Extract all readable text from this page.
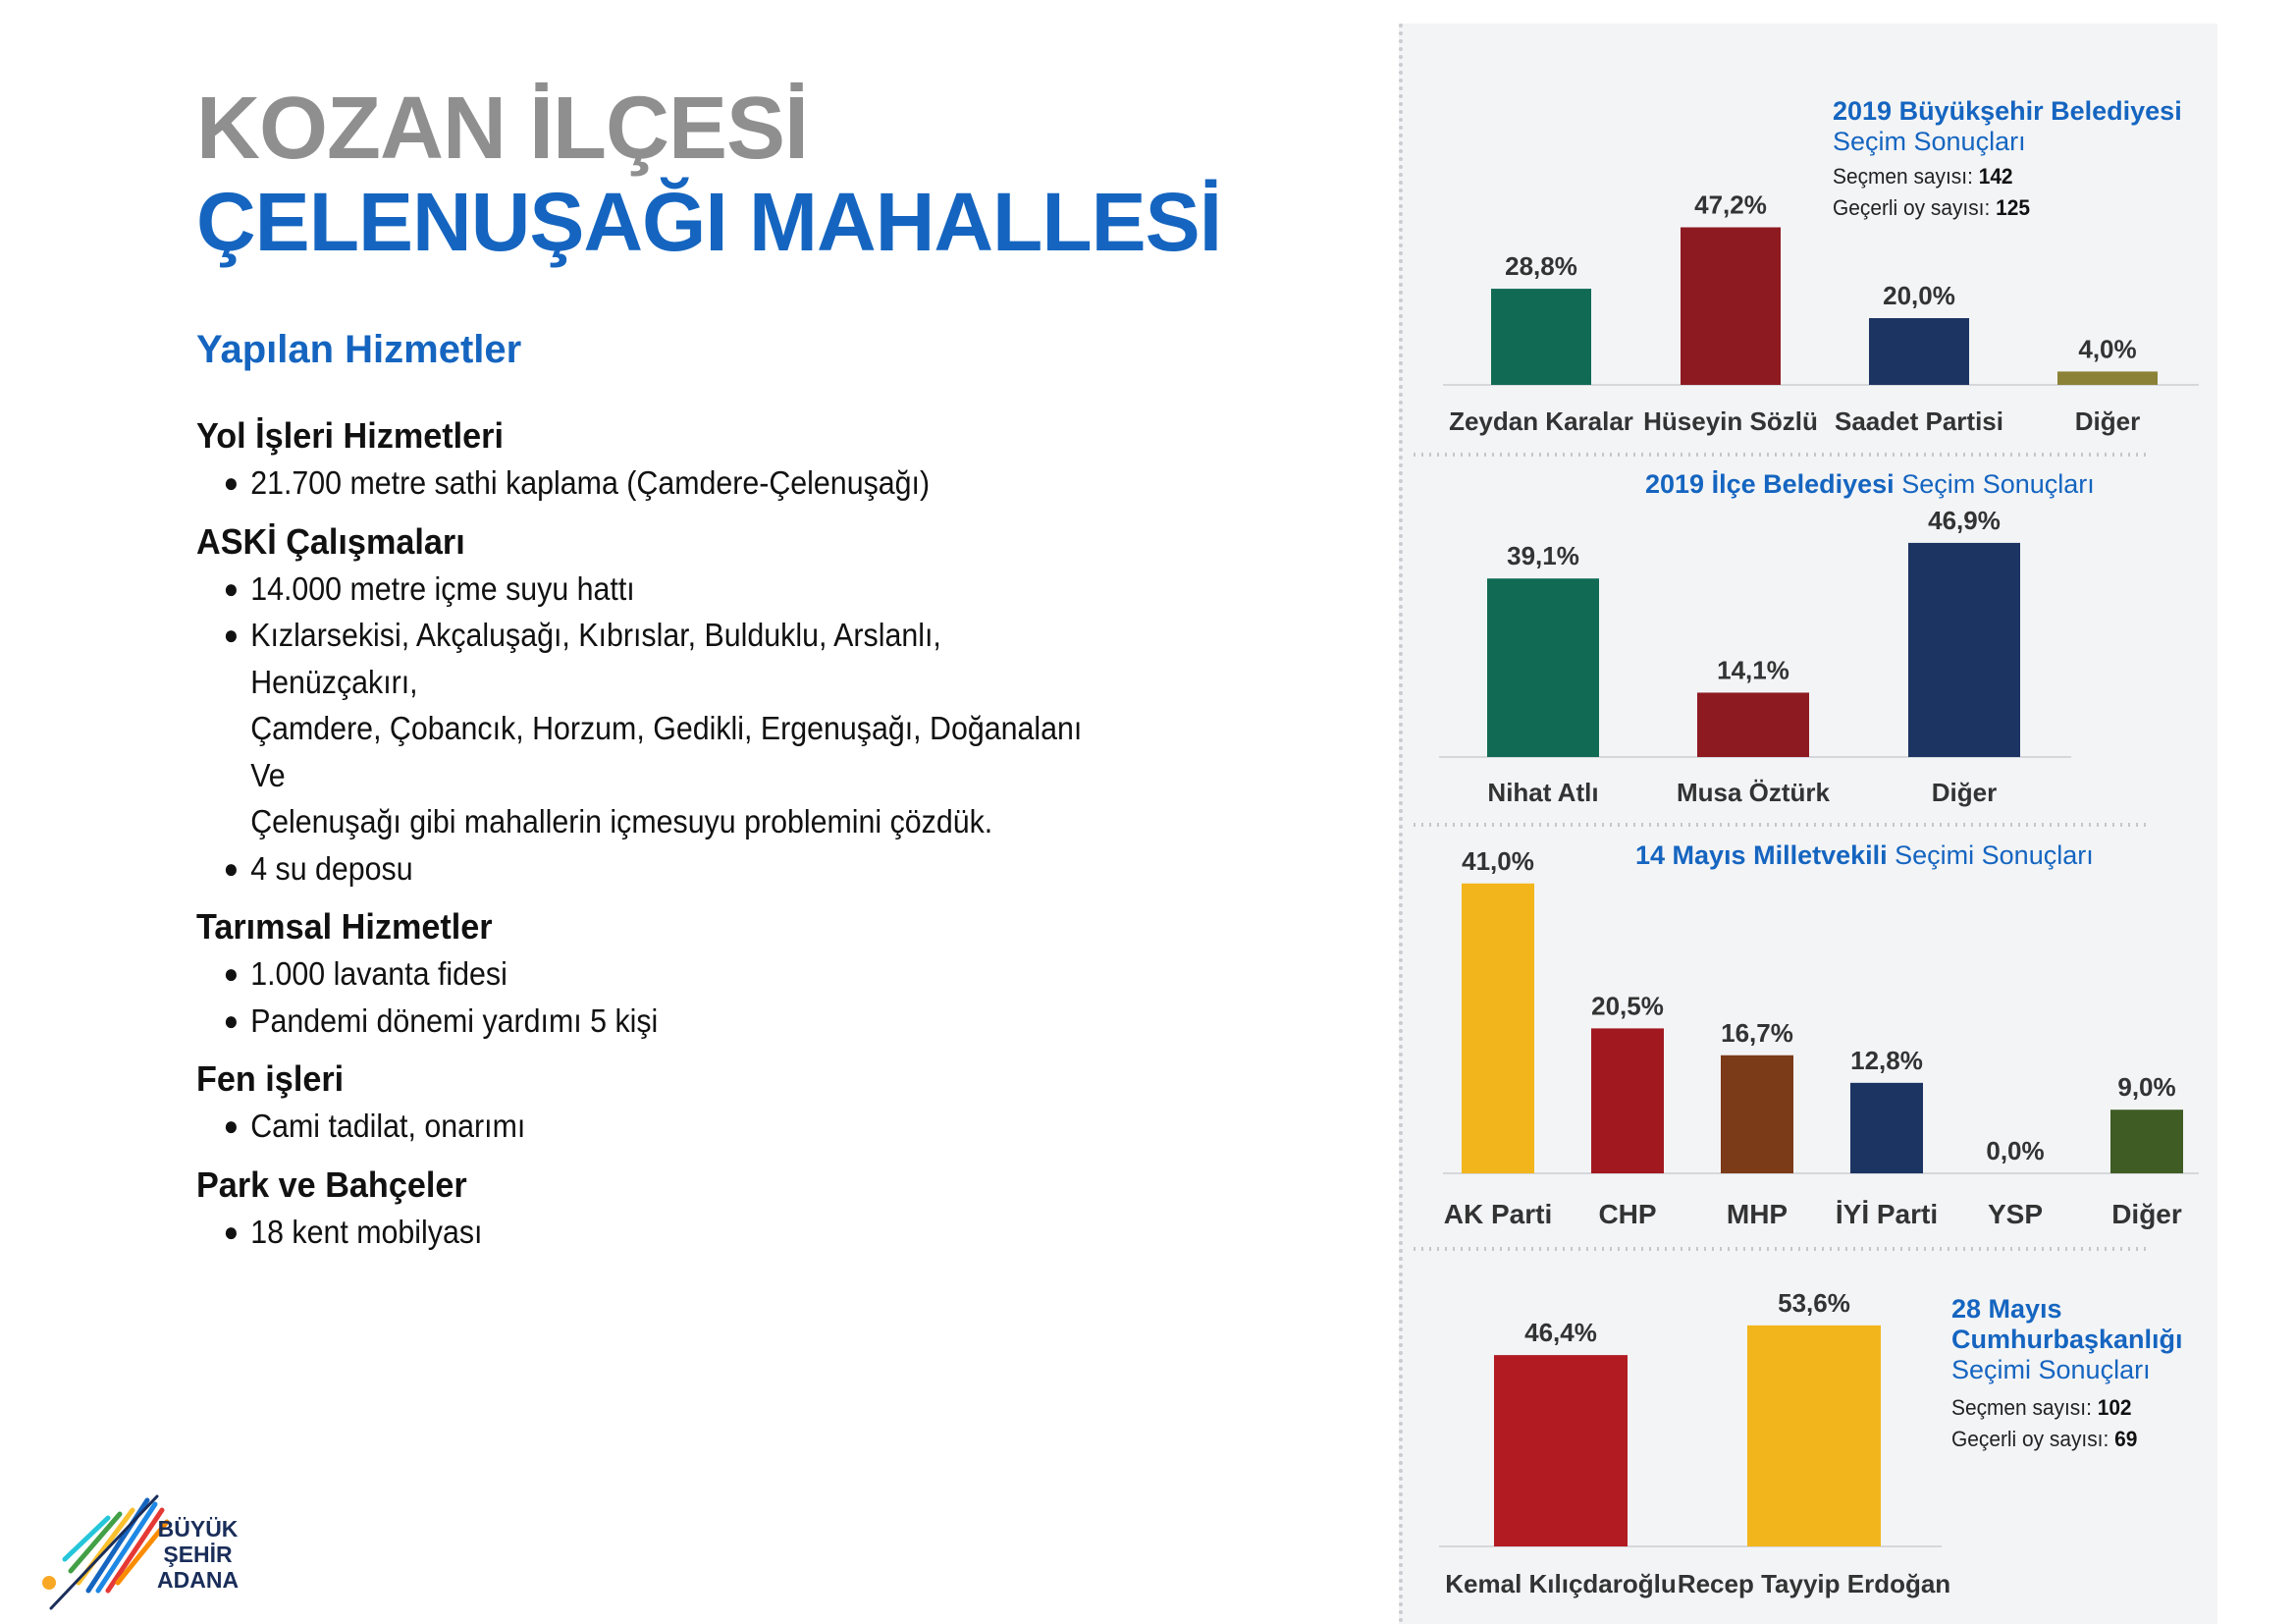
KOZAN İLÇESİ
ÇELENUŞAĞI MAHALLESİ
Yapılan Hizmetler
Yol İşleri Hizmetleri
● 21.700 metre sathi kaplama (Çamdere-Çelenuşağı)
ASKİ Çalışmaları
● 14.000 metre içme suyu hattı
● Kızlarsekisi, Akçaluşağı, Kıbrıslar, Bulduklu, Arslanlı, Henüzçakırı,
Çamdere, Çobancık, Horzum, Gedikli, Ergenuşağı, Doğanalanı Ve
Çelenuşağı gibi mahallerin içmesuyu problemini çözdük.
● 4 su deposu
Tarımsal Hizmetler
● 1.000 lavanta fidesi
● Pandemi dönemi yardımı 5 kişi
Fen işleri
● Cami tadilat, onarımı
Park ve Bahçeler
● 18 kent mobilyası
BÜYÜK
ŞEHİR
ADANA
28,8%
Zeydan Karalar
47,2%
Hüseyin Sözlü
20,0%
Saadet Partisi
4,0%
Diğer
39,1%
Nihat Atlı
14,1%
Musa Öztürk
46,9%
Diğer
41,0%
AK Parti
20,5%
CHP
16,7%
MHP
12,8%
İYİ Parti
0,0%
YSP
9,0%
Diğer
46,4%
Kemal Kılıçdaroğlu
53,6%
Recep Tayyip Erdoğan
2019 Büyükşehir Belediyesi
Seçim Sonuçları
Seçmen sayısı: 142
Geçerli oy sayısı: 125
2019 İlçe Belediyesi Seçim Sonuçları
14 Mayıs Milletvekili Seçimi Sonuçları
28 Mayıs
Cumhurbaşkanlığı
Seçimi Sonuçları
Seçmen sayısı: 102
Geçerli oy sayısı: 69
